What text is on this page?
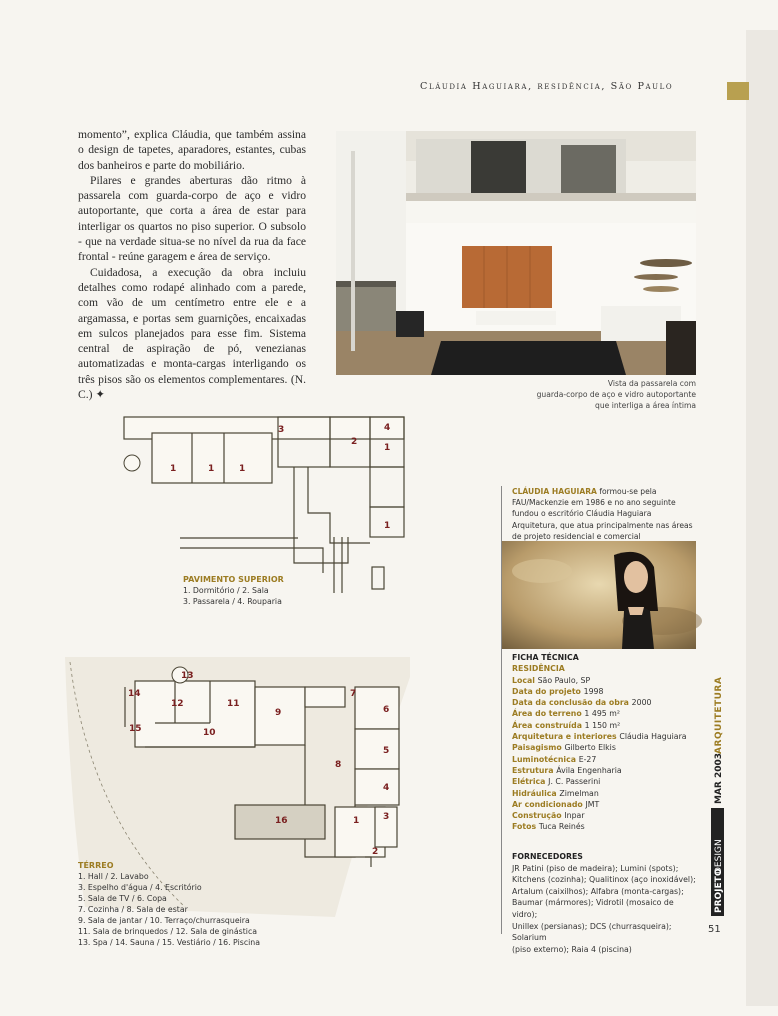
Cláudia Haguiara, residência, São Paulo

momento”, explica Cláudia, que também assina o design de tapetes, aparadores, estantes, cubas dos banheiros e parte do mobiliário.

Pilares e grandes aberturas dão ritmo à passarela com guarda-corpo de aço e vidro autoportante, que corta a área de estar para interligar os quartos no piso superior. O subsolo - que na verdade situa-se no nível da rua da face frontal - reúne garagem e área de serviço.

Cuidadosa, a execução da obra incluiu detalhes como rodapé alinhado com a parede, com vão de um centímetro entre ele e a argamassa, e portas sem guarnições, encaixadas em sulcos planejados para esse fim. Sistema central de aspiração de pó, venezianas automatizadas e monta-cargas interligando os três pisos são os elementos complementares. (N. C.) ✦

Vista da passarela com
guarda-corpo de aço e vidro autoportante
que interliga a área íntima
1	1	1
2
3	4
1
1
PAVIMENTO SUPERIOR
1. Dormitório / 2. Sala
3. Passarela / 4. Rouparia
13
14
12	11
9
7
6
15	10
5
8
4
16	1	3
2
TÉRREO
1. Hall / 2. Lavabo
3. Espelho d'água / 4. Escritório
5. Sala de TV / 6. Copa
7. Cozinha / 8. Sala de estar
9. Sala de jantar / 10. Terraço/churrasqueira
11. Sala de brinquedos / 12. Sala de ginástica
13. Spa / 14. Sauna / 15. Vestiário / 16. Piscina
CLÁUDIA HAGUIARA formou-se pela FAU/Mackenzie em 1986 e no ano seguinte fundou o escritório Cláudia Haguiara Arquitetura, que atua principalmente nas áreas de projeto residencial e comercial
FICHA TÉCNICA
RESIDÊNCIA
Local São Paulo, SP
Data do projeto 1998
Data da conclusão da obra 2000
Área do terreno 1 495 m²
Área construída 1 150 m²
Arquitetura e interiores Cláudia Haguiara
Paisagismo Gilberto Elkis
Luminotécnica E-27
Estrutura Ávila Engenharia
Elétrica J. C. Passerini
Hidráulica Zimelman
Ar condicionado JMT
Construção Inpar
Fotos Tuca Reinés
FORNECEDORES
JR Patini (piso de madeira); Lumini (spots);
Kitchens (cozinha); Qualitinox (aço inoxidável);
Artalum (caixilhos); Alfabra (monta-cargas);
Baumar (mármores); Vidrotil (mosaico de vidro);
Unillex (persianas); DCS (churrasqueira); Solarium
(piso externo); Raia 4 (piscina)
PROJETO
DESIGN
MAR 2003
ARQUITETURA
51
